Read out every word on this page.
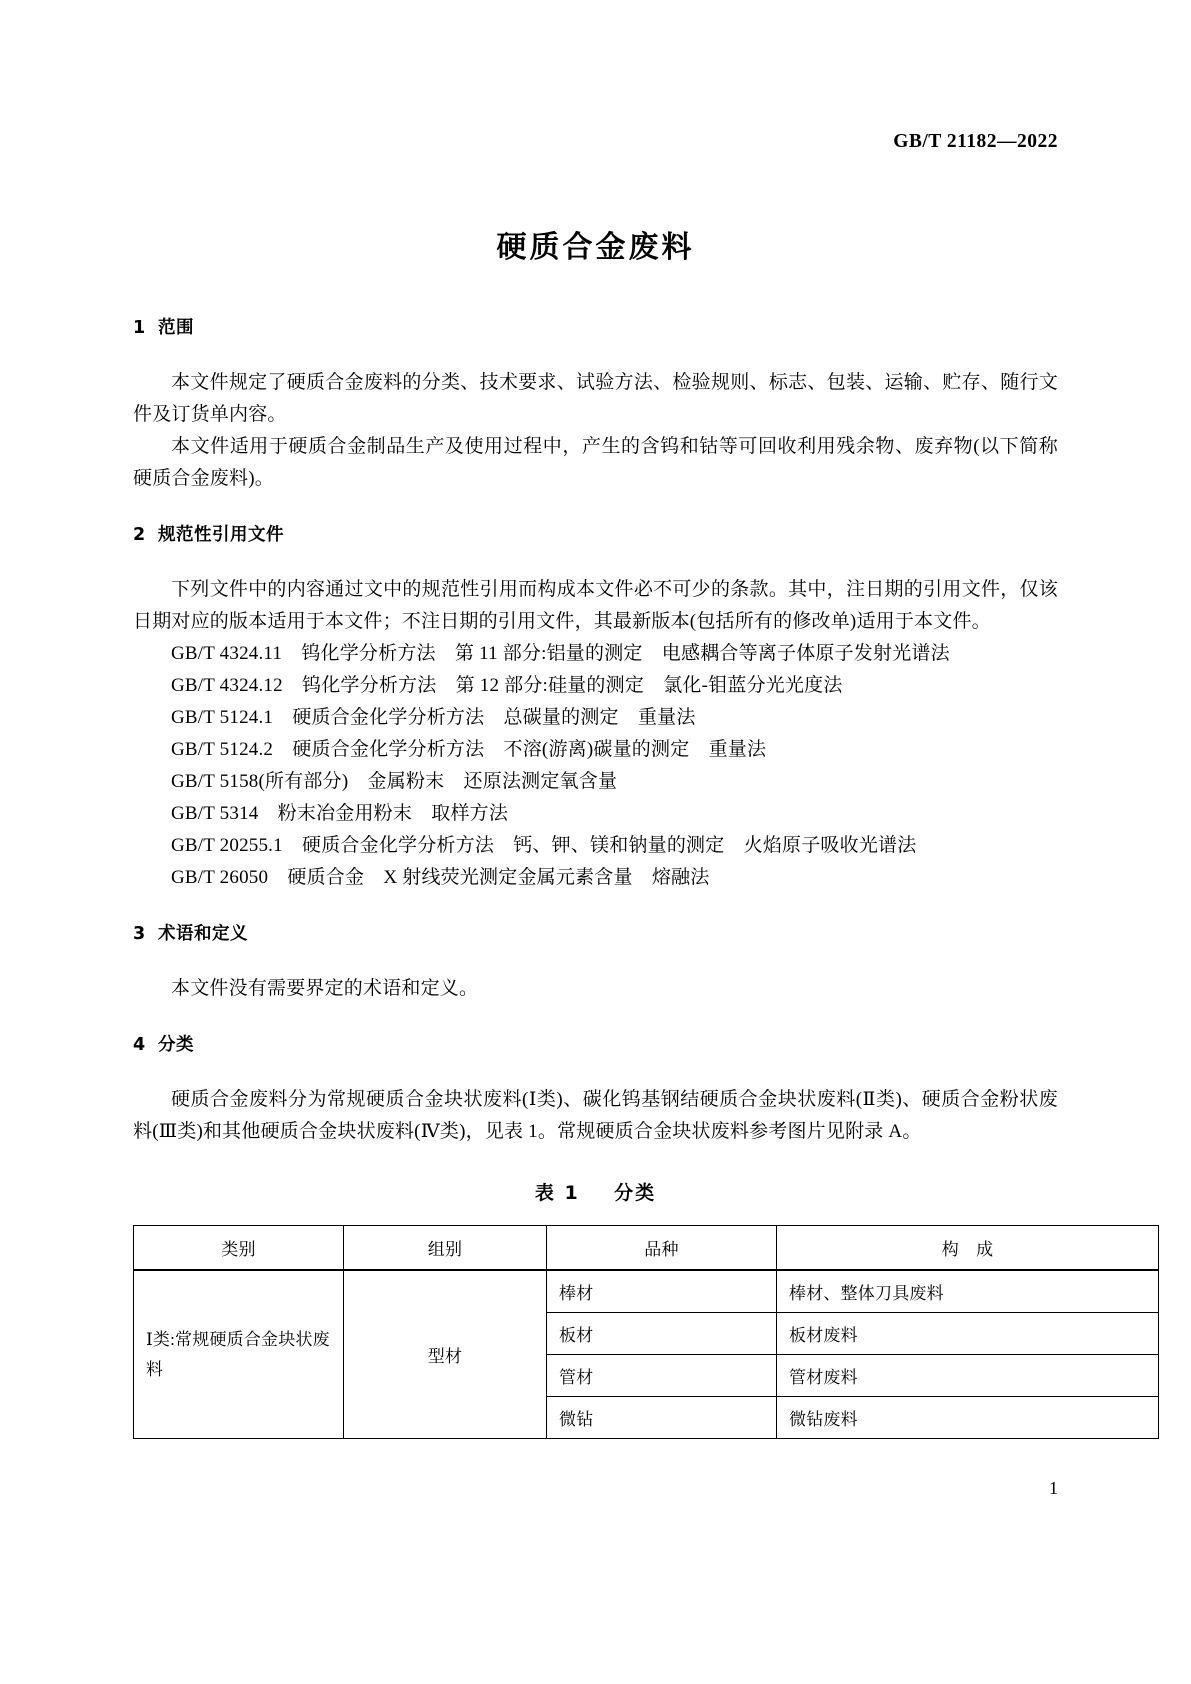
GB/T 21182—2022
硬质合金废料
1 范围

本文件规定了硬质合金废料的分类、技术要求、试验方法、检验规则、标志、包装、运输、贮存、随行文件及订货单内容。

本文件适用于硬质合金制品生产及使用过程中，产生的含钨和钴等可回收利用残余物、废弃物(以下简称硬质合金废料)。

2 规范性引用文件

下列文件中的内容通过文中的规范性引用而构成本文件必不可少的条款。其中，注日期的引用文件，仅该日期对应的版本适用于本文件；不注日期的引用文件，其最新版本(包括所有的修改单)适用于本文件。

GB/T 4324.11　钨化学分析方法　第 11 部分:铝量的测定　电感耦合等离子体原子发射光谱法
GB/T 4324.12　钨化学分析方法　第 12 部分:硅量的测定　氯化-钼蓝分光光度法
GB/T 5124.1　硬质合金化学分析方法　总碳量的测定　重量法
GB/T 5124.2　硬质合金化学分析方法　不溶(游离)碳量的测定　重量法
GB/T 5158(所有部分)　金属粉末　还原法测定氧含量
GB/T 5314　粉末冶金用粉末　取样方法
GB/T 20255.1　硬质合金化学分析方法　钙、钾、镁和钠量的测定　火焰原子吸收光谱法
GB/T 26050　硬质合金　X 射线荧光测定金属元素含量　熔融法
3 术语和定义

本文件没有需要界定的术语和定义。

4 分类

硬质合金废料分为常规硬质合金块状废料(Ⅰ类)、碳化钨基钢结硬质合金块状废料(Ⅱ类)、硬质合金粉状废料(Ⅲ类)和其他硬质合金块状废料(Ⅳ类)，见表 1。常规硬质合金块状废料参考图片见附录 A。

表 1 分类

类别	组别	品种	构　成
Ⅰ类:常规硬质合金块状废料	型材	棒材	棒材、整体刀具废料
		板材	板材废料
		管材	管材废料
		微钻	微钻废料
1
